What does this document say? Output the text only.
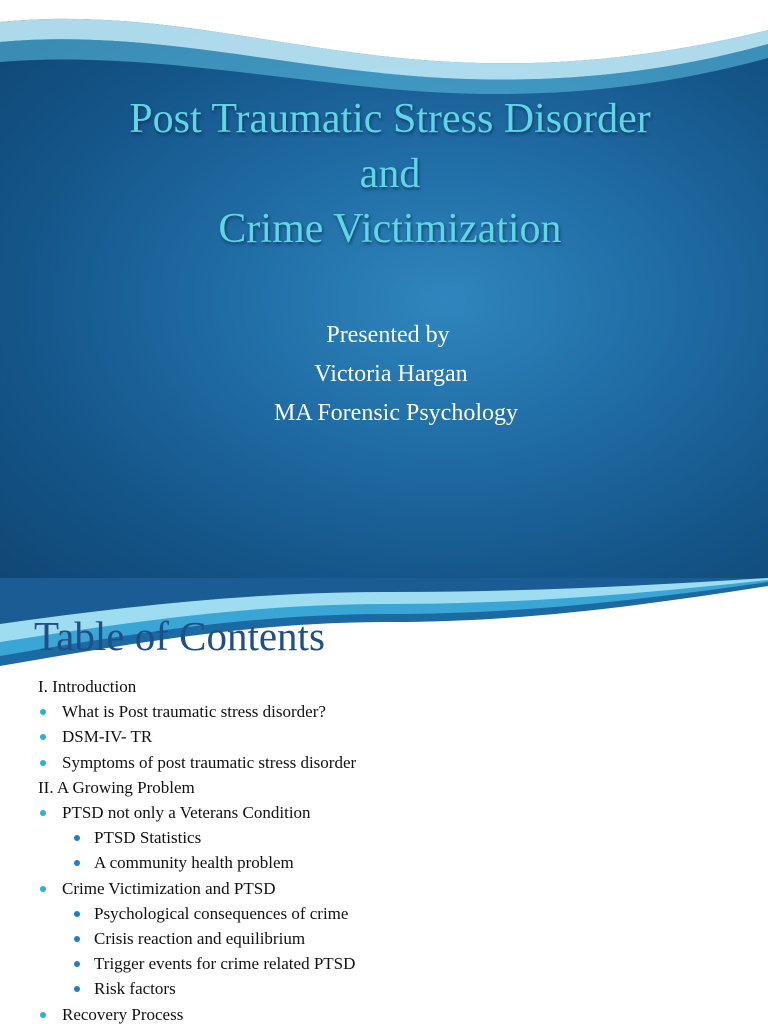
Post Traumatic Stress Disorder
and
Crime Victimization
Presented by
Victoria Hargan
MA Forensic Psychology
Table of Contents
I. Introduction
What is Post traumatic stress disorder?
DSM-IV- TR
Symptoms of post traumatic stress disorder
II. A Growing Problem
PTSD not only a Veterans Condition
PTSD Statistics
A community health problem
Crime Victimization and PTSD
Psychological consequences of crime
Crisis reaction and equilibrium
Trigger events for crime related PTSD
Risk factors
Recovery Process
